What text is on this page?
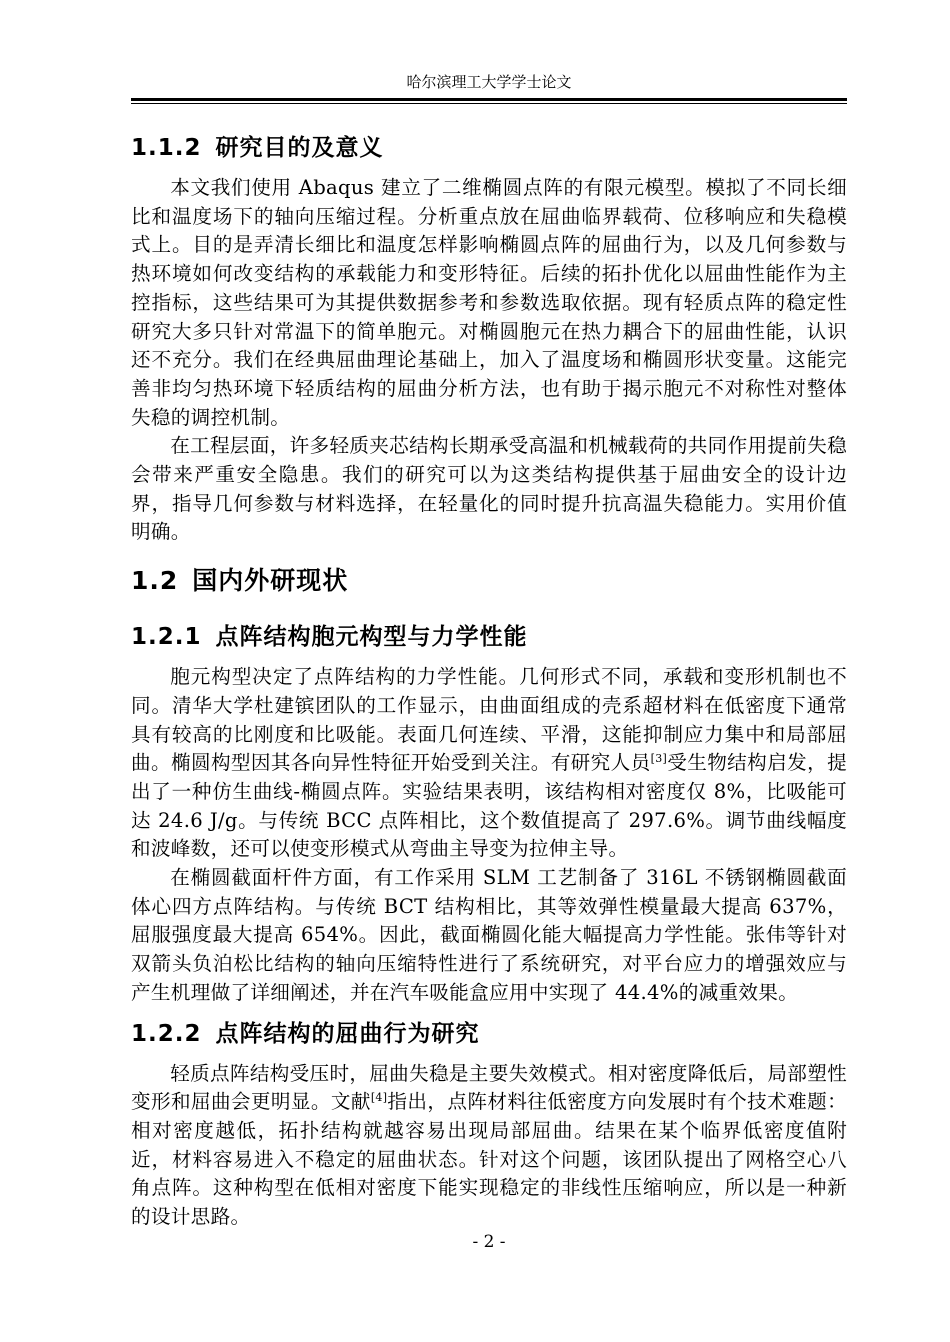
哈尔滨理工大学学士论文
1.1.2 研究目的及意义

本文我们使用 Abaqus 建立了二维椭圆点阵的有限元模型。模拟了不同长细比和温度场下的轴向压缩过程。分析重点放在屈曲临界载荷、位移响应和失稳模式上。目的是弄清长细比和温度怎样影响椭圆点阵的屈曲行为，以及几何参数与热环境如何改变结构的承载能力和变形特征。后续的拓扑优化以屈曲性能作为主控指标，这些结果可为其提供数据参考和参数选取依据。现有轻质点阵的稳定性研究大多只针对常温下的简单胞元。对椭圆胞元在热力耦合下的屈曲性能，认识还不充分。我们在经典屈曲理论基础上，加入了温度场和椭圆形状变量。这能完善非均匀热环境下轻质结构的屈曲分析方法，也有助于揭示胞元不对称性对整体失稳的调控机制。

在工程层面，许多轻质夹芯结构长期承受高温和机械载荷的共同作用提前失稳会带来严重安全隐患。我们的研究可以为这类结构提供基于屈曲安全的设计边界，指导几何参数与材料选择，在轻量化的同时提升抗高温失稳能力。实用价值明确。

1.2 国内外研现状
1.2.1 点阵结构胞元构型与力学性能

胞元构型决定了点阵结构的力学性能。几何形式不同，承载和变形机制也不同。清华大学杜建镔团队的工作显示，由曲面组成的壳系超材料在低密度下通常具有较高的比刚度和比吸能。表面几何连续、平滑，这能抑制应力集中和局部屈曲。椭圆构型因其各向异性特征开始受到关注。有研究人员[3]受生物结构启发，提出了一种仿生曲线-椭圆点阵。实验结果表明，该结构相对密度仅 8%，比吸能可达 24.6 J/g。与传统 BCC 点阵相比，这个数值提高了 297.6%。调节曲线幅度和波峰数，还可以使变形模式从弯曲主导变为拉伸主导。

在椭圆截面杆件方面，有工作采用 SLM 工艺制备了 316L 不锈钢椭圆截面体心四方点阵结构。与传统 BCT 结构相比，其等效弹性模量最大提高 637%，屈服强度最大提高 654%。因此，截面椭圆化能大幅提高力学性能。张伟等针对双箭头负泊松比结构的轴向压缩特性进行了系统研究，对平台应力的增强效应与产生机理做了详细阐述，并在汽车吸能盒应用中实现了 44.4%的减重效果。

1.2.2 点阵结构的屈曲行为研究

轻质点阵结构受压时，屈曲失稳是主要失效模式。相对密度降低后，局部塑性变形和屈曲会更明显。文献[4]指出，点阵材料往低密度方向发展时有个技术难题：相对密度越低，拓扑结构就越容易出现局部屈曲。结果在某个临界低密度值附近，材料容易进入不稳定的屈曲状态。针对这个问题，该团队提出了网格空心八角点阵。这种构型在低相对密度下能实现稳定的非线性压缩响应，所以是一种新的设计思路。

- 2 -
